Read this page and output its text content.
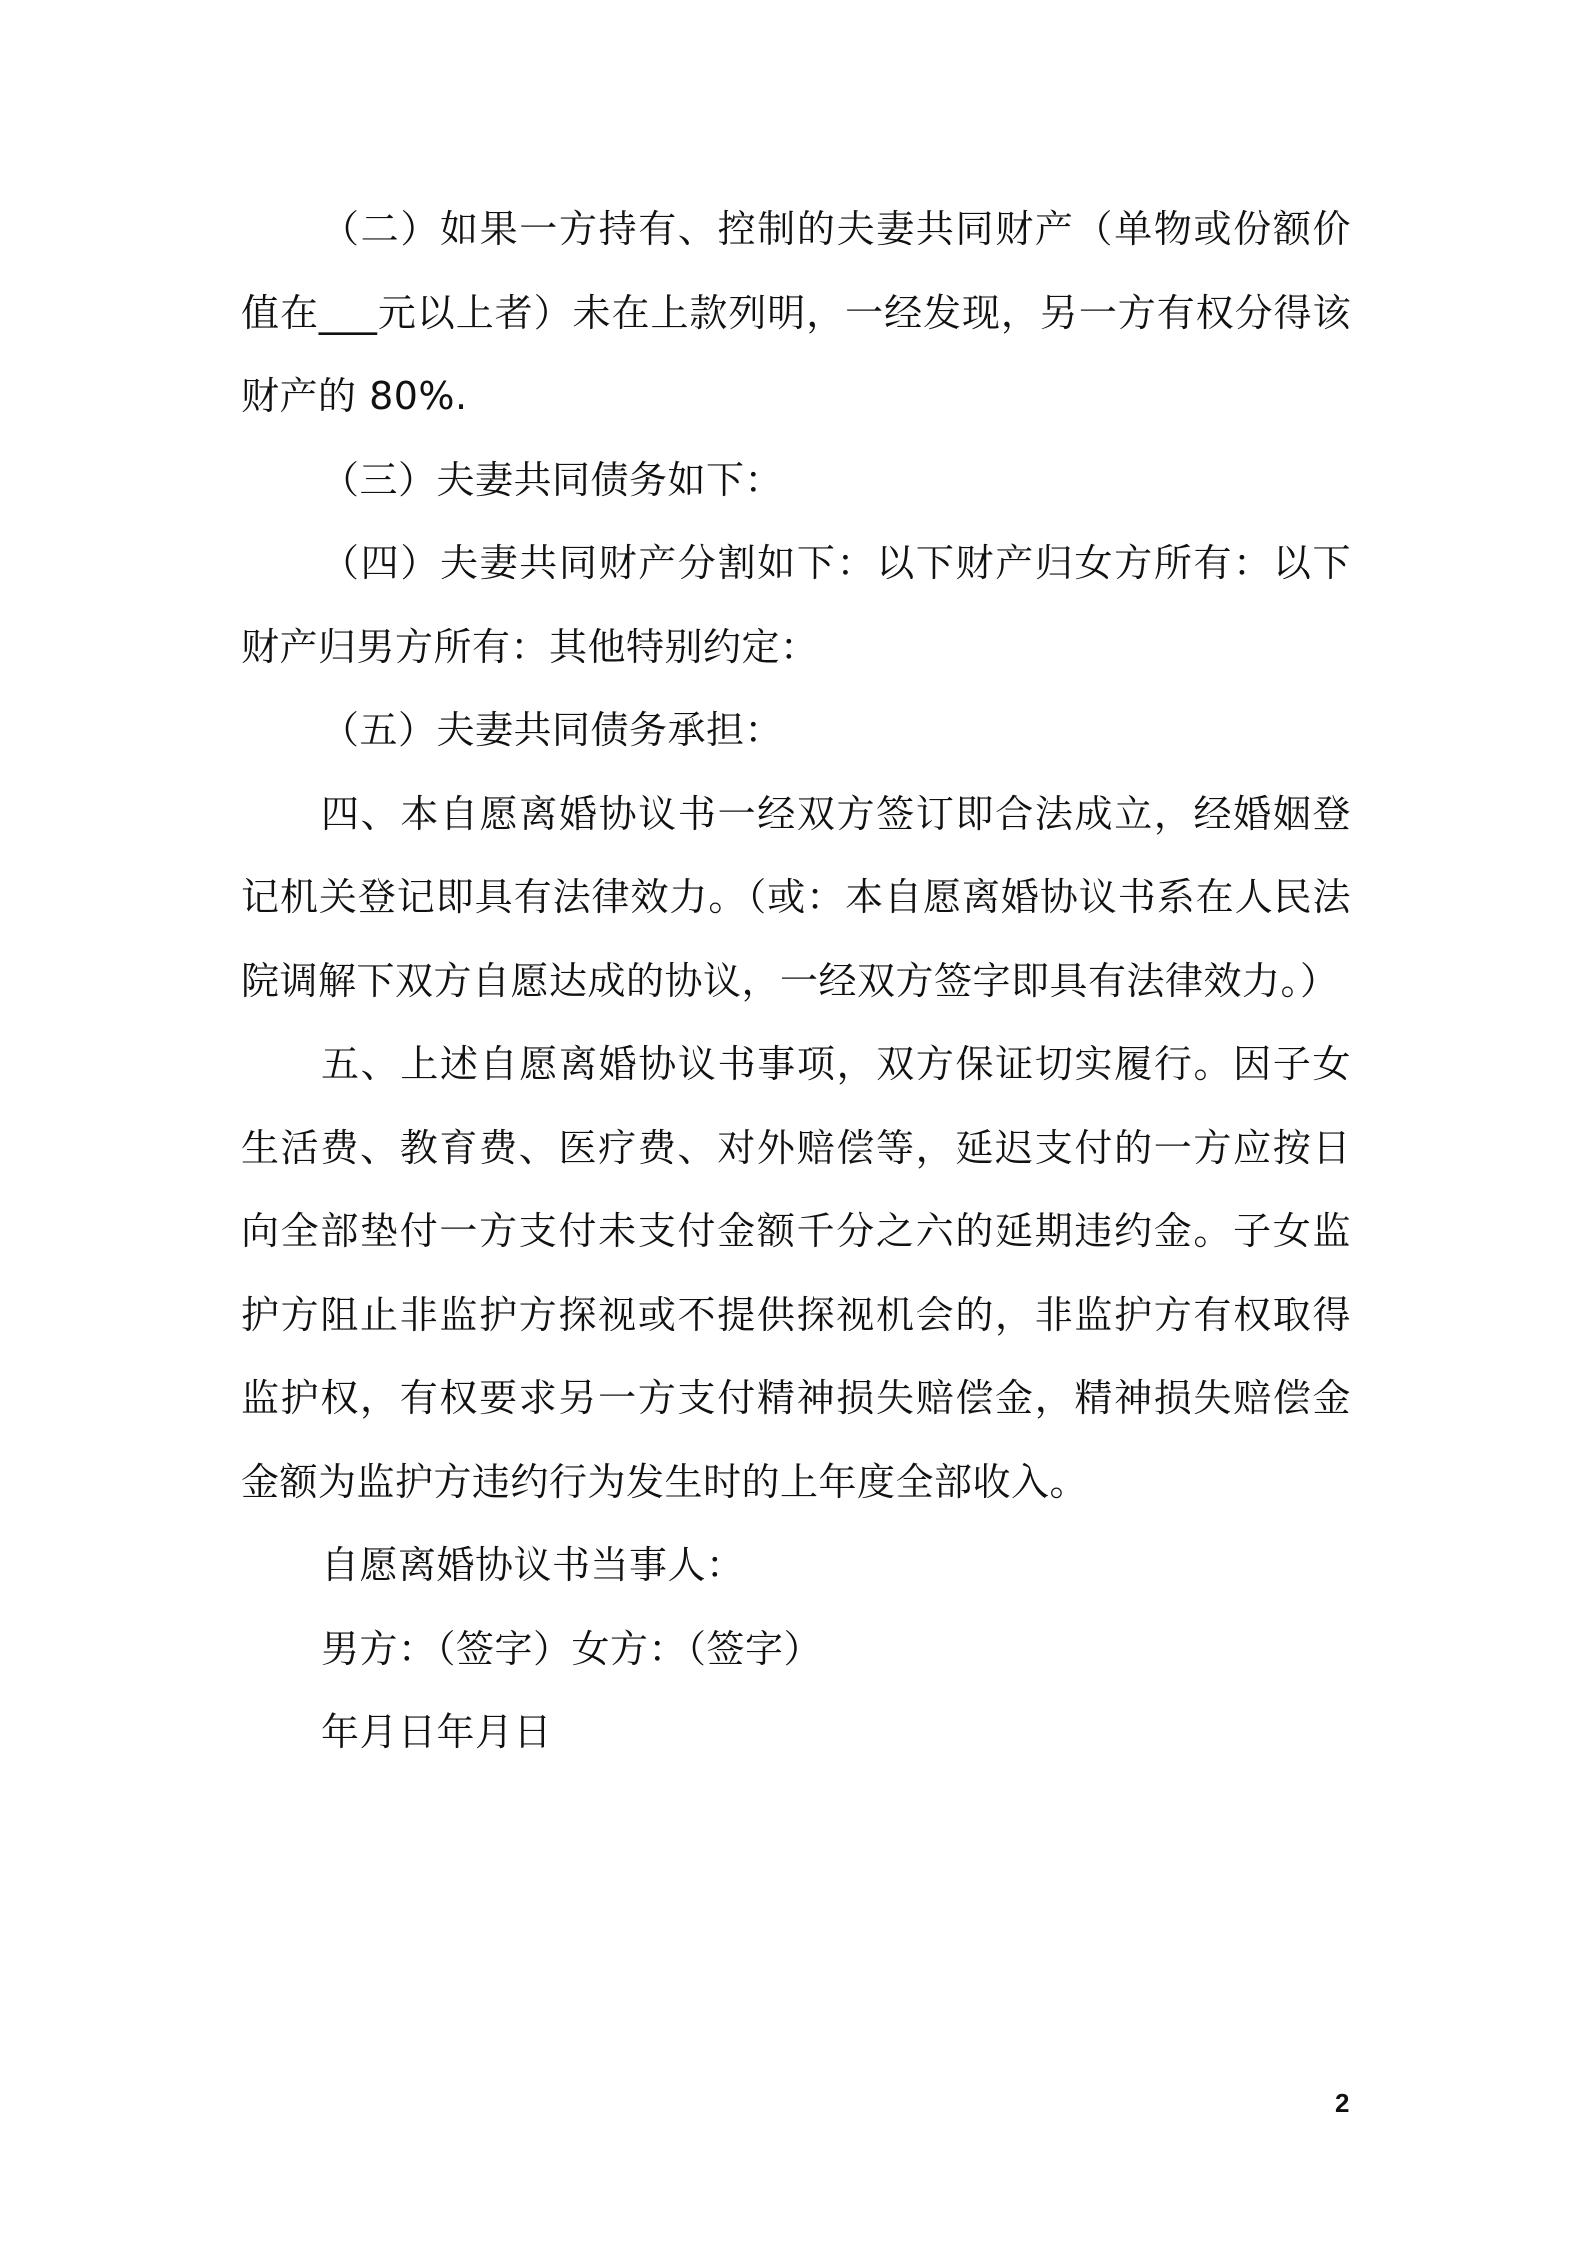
（二）如果一方持有、控制的夫妻共同财产（单物或份额价值在___元以上者）未在上款列明，一经发现，另一方有权分得该财产的 80%.

（三）夫妻共同债务如下：

（四）夫妻共同财产分割如下：以下财产归女方所有：以下财产归男方所有：其他特别约定：

（五）夫妻共同债务承担：

四、本自愿离婚协议书一经双方签订即合法成立，经婚姻登记机关登记即具有法律效力。（或：本自愿离婚协议书系在人民法院调解下双方自愿达成的协议，一经双方签字即具有法律效力。）

五、上述自愿离婚协议书事项，双方保证切实履行。因子女生活费、教育费、医疗费、对外赔偿等，延迟支付的一方应按日向全部垫付一方支付未支付金额千分之六的延期违约金。子女监护方阻止非监护方探视或不提供探视机会的，非监护方有权取得监护权，有权要求另一方支付精神损失赔偿金，精神损失赔偿金金额为监护方违约行为发生时的上年度全部收入。

自愿离婚协议书当事人：

男方：（签字）女方：（签字）

年月日年月日

2
